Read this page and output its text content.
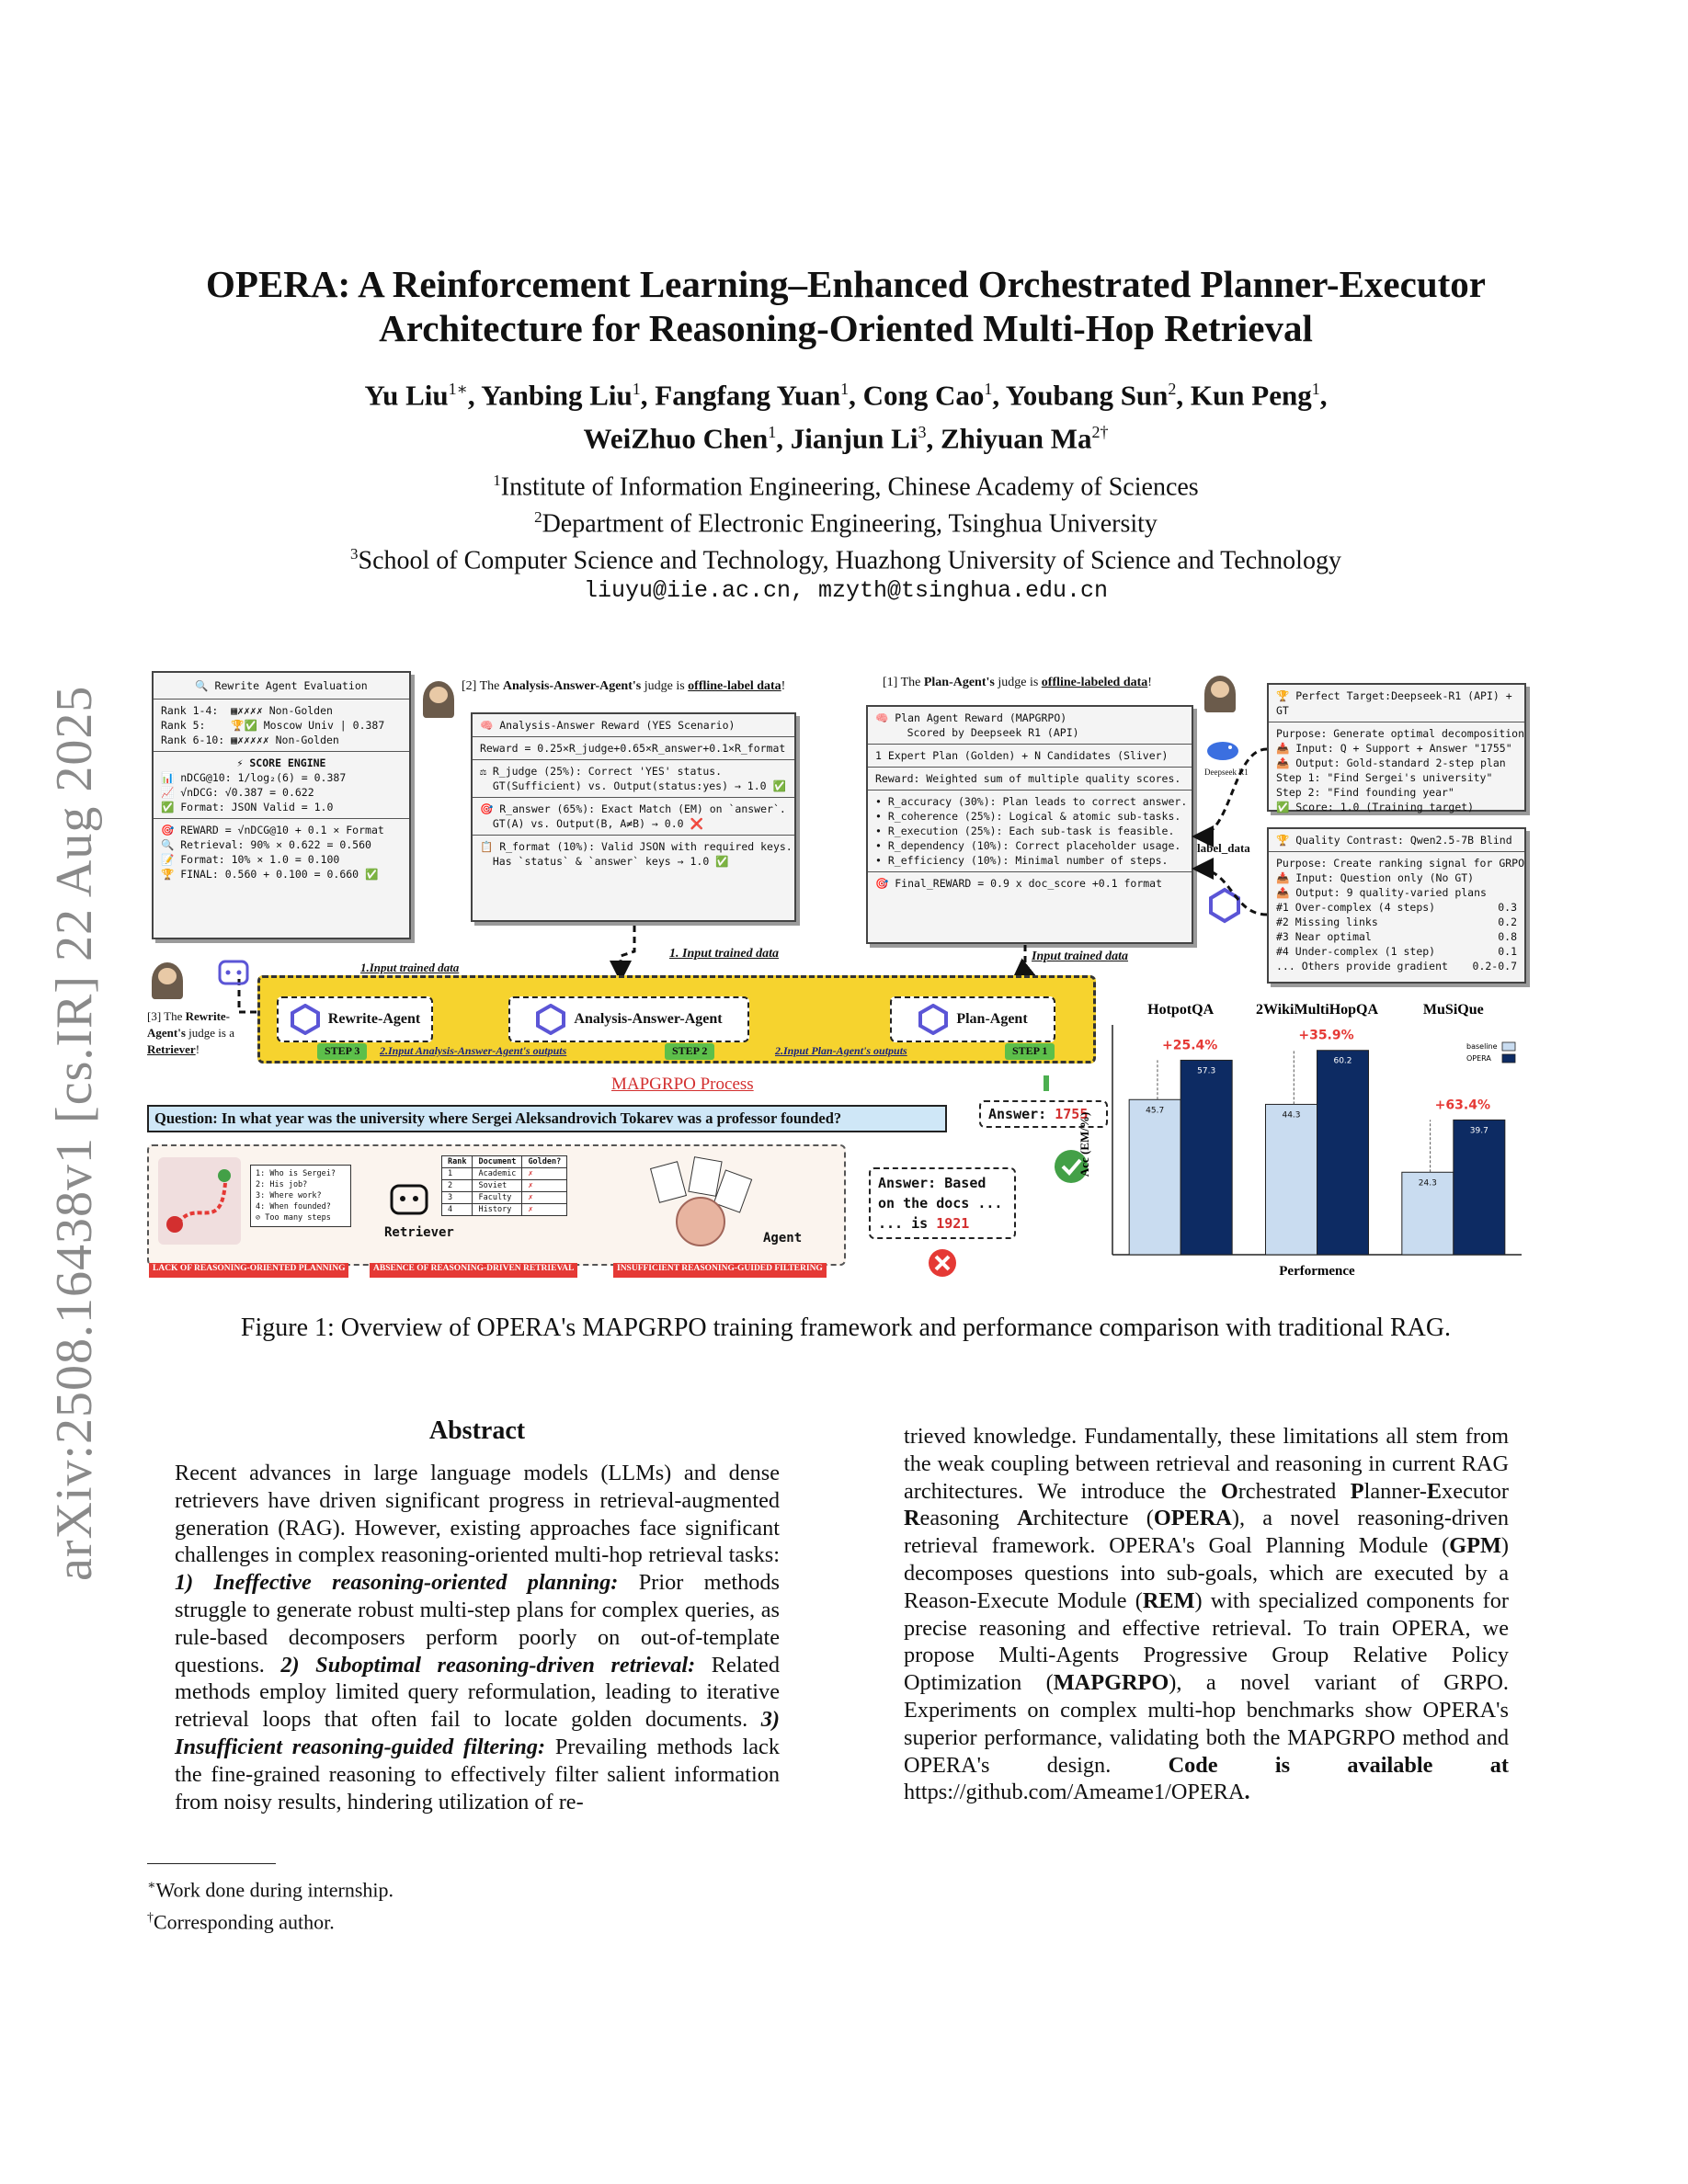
arXiv:2508.16438v1 [cs.IR] 22 Aug 2025
OPERA: A Reinforcement Learning–Enhanced Orchestrated Planner-Executor
Architecture for Reasoning-Oriented Multi-Hop Retrieval
Yu Liu$^{1∗}$, Yanbing Liu$^1$, Fangfang Yuan$^1$, Cong Cao$^1$, Youbang Sun$^2$, Kun Peng$^1$,
WeiZhuo Chen$^1$, Jianjun Li$^3$, Zhiyuan $Ma^{2\dagger}$
$^1$Institute of Information Engineering, Chinese Academy of Sciences
$^2$Department of Electronic Engineering, Tsinghua University
$^3$School of Computer Science and Technology, Huazhong University of Science and Technology
liuyu@iie.ac.cn, mzyth@tsinghua.edu.cn
🔍 Rewrite Agent Evaluation
Rank 1-4:  ▦✗✗✗✗ Non-Golden
Rank 5:    🏆✅ Moscow Univ | 0.387
Rank 6-10: ▦✗✗✗✗✗ Non-Golden
⚡ SCORE ENGINE
📊 nDCG@10: 1/log₂(6) = 0.387
📈 √nDCG: √0.387 = 0.622
✅ Format: JSON Valid = 1.0
🎯 REWARD = √nDCG@10 + 0.1 × Format
🔍 Retrieval: 90% × 0.622 = 0.560
📝 Format: 10% × 1.0 = 0.100
🏆 FINAL: 0.560 + 0.100 = 0.660 ✅
[2] The Analysis-Answer-Agent's judge is offline-label data!
🧠 Analysis-Answer Reward (YES Scenario)
Reward = 0.25×R_judge+0.65×R_answer+0.1×R_format
⚖ R_judge (25%): Correct 'YES' status.
GT(Sufficient) vs. Output(status:yes) → 1.0 ✅
🎯 R_answer (65%): Exact Match (EM) on `answer`.
GT(A) vs. Output(B, A≠B) → 0.0 ❌
📋 R_format (10%): Valid JSON with required keys.
Has `status` & `answer` keys → 1.0 ✅
[1] The Plan-Agent's judge is offline-labeled data!
🧠 Plan Agent Reward (MAPGRPO)
Scored by Deepseek R1 (API)
1 Expert Plan (Golden) + N Candidates (Sliver)
Reward: Weighted sum of multiple quality scores.
• R_accuracy (30%): Plan leads to correct answer.
• R_coherence (25%): Logical & atomic sub-tasks.
• R_execution (25%): Each sub-task is feasible.
• R_dependency (10%): Correct placeholder usage.
• R_efficiency (10%): Minimal number of steps.
🎯 Final_REWARD = 0.9 x doc_score +0.1 format
Deepseek R1
label_data
🏆 Perfect Target:Deepseek-R1 (API) + GT
Purpose: Generate optimal decomposition
📥 Input: Q + Support + Answer "1755"
📤 Output: Gold-standard 2-step plan
Step 1: "Find Sergei's university"
Step 2: "Find founding year"
✅ Score: 1.0 (Training target)
🏆 Quality Contrast: Qwen2.5-7B Blind
Purpose: Create ranking signal for GRPO
📥 Input: Question only (No GT)
📤 Output: 9 quality-varied plans
#1 Over-complex (4 steps)	0.3
#2 Missing links	0.2
#3 Near optimal	0.8
#4 Under-complex (1 step)	0.1
... Others provide gradient 0.2-0.7
[3] The Rewrite-Agent's judge is a Retriever!
1.Input trained data
1. Input trained data	Input trained data
Rewrite-Agent	Analysis-Answer-Agent	Plan-Agent
STEP 3	2.Input Analysis-Answer-Agent's outputs	STEP 2	2.Input Plan-Agent's outputs	STEP 1
MAPGRPO Process
Question: In what year was the university where Sergei Aleksandrovich Tokarev was a professor founded?	Answer: 1755
1: Who is Sergei?
2: His job?
3: Where work?
4: When founded?
⊘ Too many steps
Retriever
Rank	Document	Golden?
1	Academic	✗
2	Soviet	✗
3	Faculty	✗
4	History	✗
Agent
LACK OF REASONING-ORIENTED PLANNING	ABSENCE OF REASONING-DRIVEN RETRIEVAL	INSUFFICIENT REASONING-GUIDED FILTERING
Answer: Based
on the docs ...
... is 1921
Acc (EM/%)
Performence
HotpotQA
45.7
57.3
+25.4%
2WikiMultiHopQA
44.3
60.2
+35.9%
MuSiQue
24.3
39.7
+63.4%
baseline
OPERA
Figure 1: Overview of OPERA's MAPGRPO training framework and performance comparison with traditional RAG.
Abstract
Recent advances in large language models (LLMs) and dense retrievers have driven significant progress in retrieval-augmented generation (RAG). However, existing approaches face significant challenges in complex reasoning-oriented multi-hop retrieval tasks: 1) Ineffective reasoning-oriented planning: Prior methods struggle to generate robust multi-step plans for complex queries, as rule-based decomposers perform poorly on out-of-template questions. 2) Suboptimal reasoning-driven retrieval: Related methods employ limited query reformulation, leading to iterative retrieval loops that often fail to locate golden documents. 3) Insufficient reasoning-guided filtering: Prevailing methods lack the fine-grained reasoning to effectively filter salient information from noisy results, hindering utilization of re-
trieved knowledge. Fundamentally, these limitations all stem from the weak coupling between retrieval and reasoning in current RAG architectures. We introduce the Orchestrated Planner-Executor Reasoning Architecture (OPERA), a novel reasoning-driven retrieval framework. OPERA's Goal Planning Module (GPM) decomposes questions into sub-goals, which are executed by a Reason-Execute Module (REM) with specialized components for precise reasoning and effective retrieval. To train OPERA, we propose Multi-Agents Progressive Group Relative Policy Optimization (MAPGRPO), a novel variant of GRPO. Experiments on complex multi-hop benchmarks show OPERA's superior performance, validating both the MAPGRPO method and OPERA's design. Code is available at https://github.com/Ameame1/OPERA.
∗Work done during internship.
†Corresponding author.
